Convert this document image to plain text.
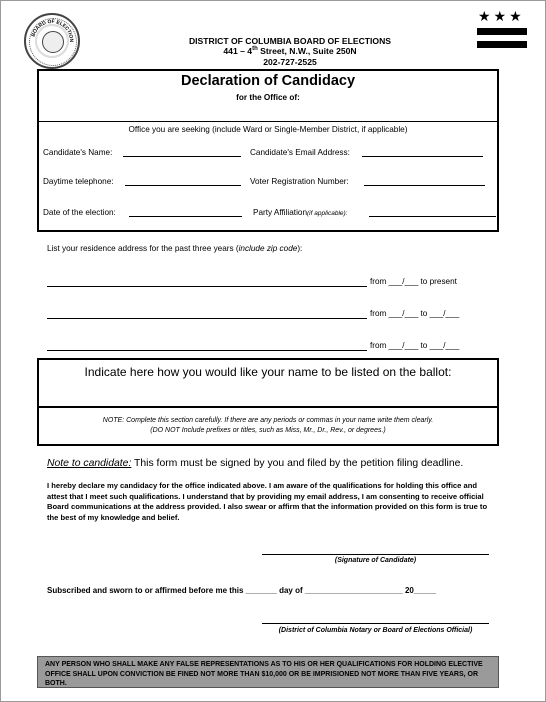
BOARD OF ELECTION	DISTRICT OF COLUMBIA BOARD OF ELECTIONS
441 – 4th Street, N.W., Suite 250N
202-727-2525
★★★
Declaration of Candidacy
for the Office of:
Office you are seeking (include Ward or Single-Member District, if applicable)
Candidate's Name:	Candidate's Email Address:
Daytime telephone:	Voter Registration Number:
Date of the election:	Party Affiliation(if applicable):
List your residence address for the past three years (include zip code):
from ___/___ to present
from ___/___ to ___/___
from ___/___ to ___/___
Indicate here how you would like your name to be listed on the ballot:
NOTE: Complete this section carefully. If there are any periods or commas in your name write them clearly.
(DO NOT Include prefixes or titles, such as Miss, Mr., Dr., Rev., or degrees.)
Note to candidate: This form must be signed by you and filed by the petition filing deadline.
I hereby declare my candidacy for the office indicated above. I am aware of the qualifications for holding this office and attest that I meet such qualifications. I understand that by providing my email address, I am consenting to receive official Board communications at the address provided. I also swear or affirm that the information provided on this form is true to the best of my knowledge and belief.
(Signature of Candidate)
Subscribed and sworn to or affirmed before me this _______ day of ______________________ 20_____
(District of Columbia Notary or Board of Elections Official)
ANY PERSON WHO SHALL MAKE ANY FALSE REPRESENTATIONS AS TO HIS OR HER QUALIFICATIONS FOR HOLDING ELECTIVE OFFICE SHALL UPON CONVICTION BE FINED NOT MORE THAN $10,000 OR BE IMPRISIONED NOT MORE THAN FIVE YEARS, OR BOTH.
